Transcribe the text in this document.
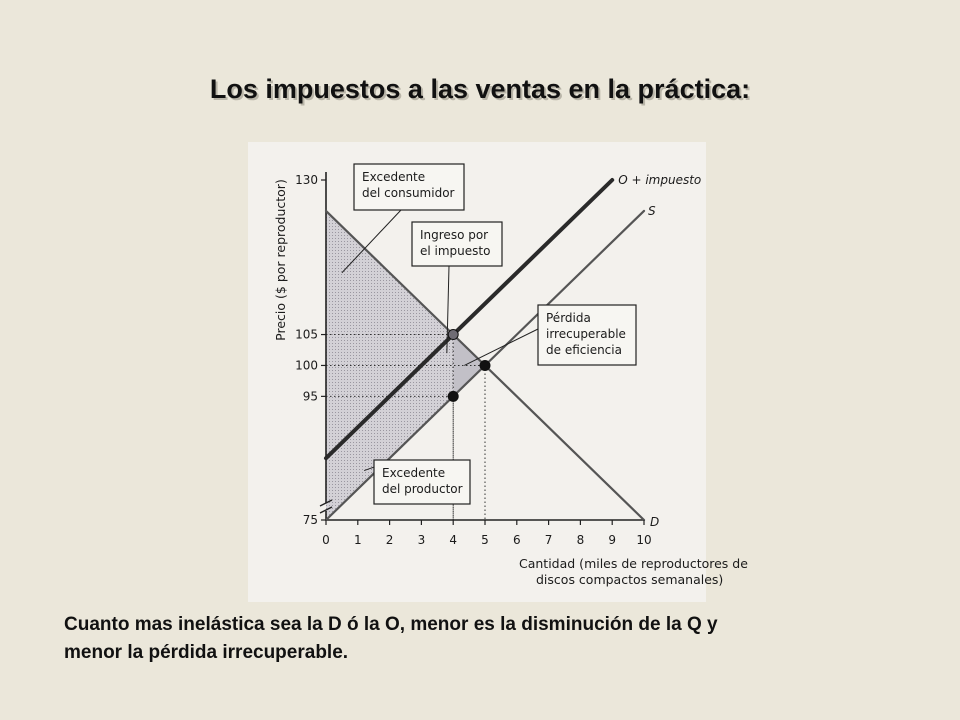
Los impuestos a las ventas en la práctica:
O + impuesto
S
D
0 1 2 3 4 5 6 7 8 9 10
75
95
100
105
130	Excedente
del consumidor
Ingreso por
el impuesto
Pérdida
irrecuperable
de eficiencia
Excedente
del productor
Precio ($ por reproductor)
Cantidad (miles de reproductores de
discos compactos semanales)
Cuanto mas inelástica sea la D ó la O, menor es la disminución de la Q y
menor la pérdida irrecuperable.
